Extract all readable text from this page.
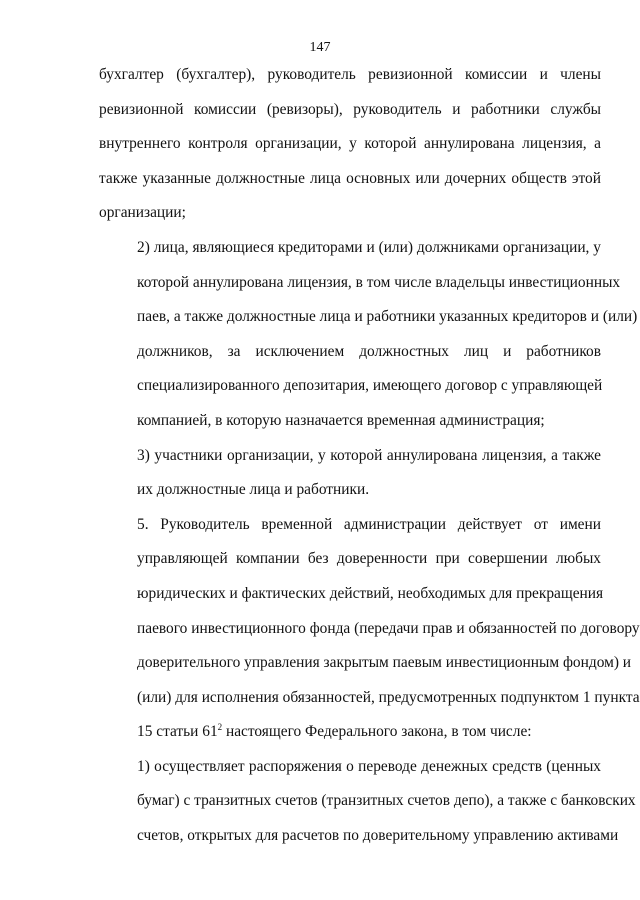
147

бухгалтер (бухгалтер), руководитель ревизионной комиссии и члены
ревизионной комиссии (ревизоры), руководитель и работники службы
внутреннего контроля организации, у которой аннулирована лицензия, а
также указанные должностные лица основных или дочерних обществ этой
организации;

2) лица, являющиеся кредиторами и (или) должниками организации, у
которой аннулирована лицензия, в том числе владельцы инвестиционных
паев, а также должностные лица и работники указанных кредиторов и (или)
должников, за исключением должностных лиц и работников
специализированного депозитария, имеющего договор с управляющей
компанией, в которую назначается временная администрация;

3) участники организации, у которой аннулирована лицензия, а также
их должностные лица и работники.

5. Руководитель временной администрации действует от имени
управляющей компании без доверенности при совершении любых
юридических и фактических действий, необходимых для прекращения
паевого инвестиционного фонда (передачи прав и обязанностей по договору
доверительного управления закрытым паевым инвестиционным фондом) и
(или) для исполнения обязанностей, предусмотренных подпунктом 1 пункта
15 статьи $61^2$ настоящего Федерального закона, в том числе:

1) осуществляет распоряжения о переводе денежных средств (ценных
бумаг) с транзитных счетов (транзитных счетов депо), а также с банковских
счетов, открытых для расчетов по доверительному управлению активами
